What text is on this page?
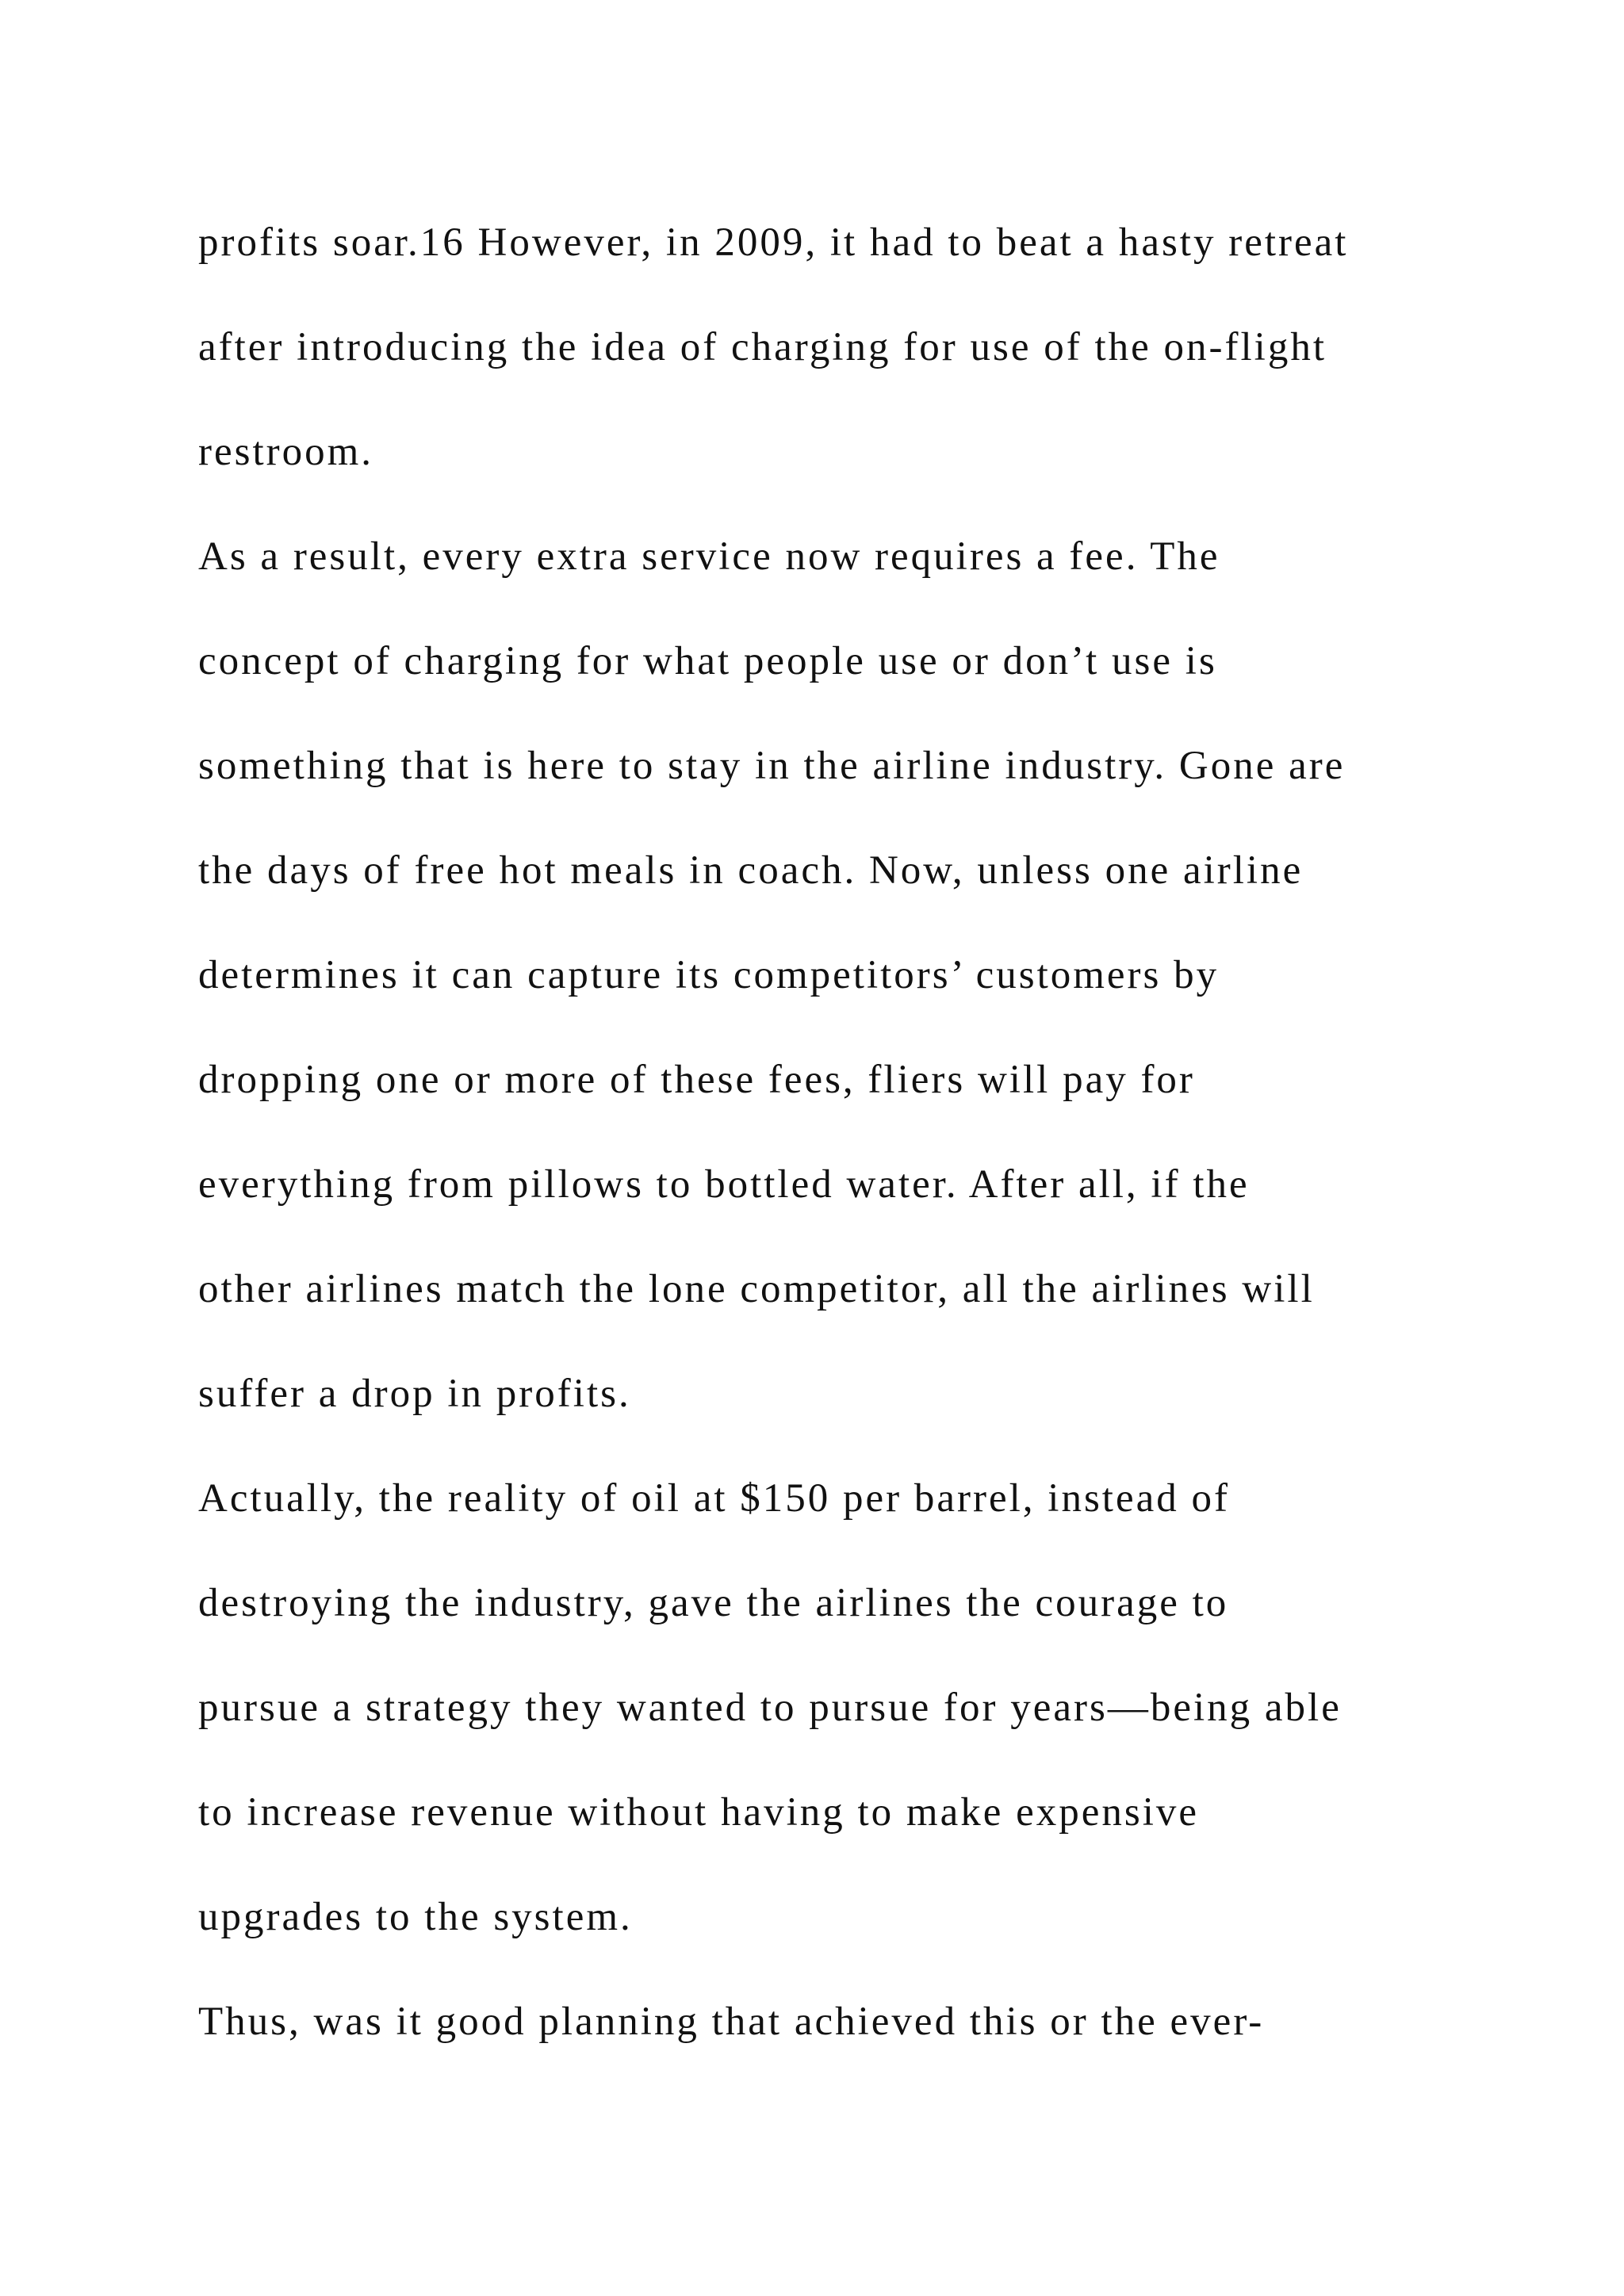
profits soar.16 However, in 2009, it had to beat a hasty retreat
after introducing the idea of charging for use of the on-flight
restroom.
As a result, every extra service now requires a fee. The
concept of charging for what people use or don’t use is
something that is here to stay in the airline industry. Gone are
the days of free hot meals in coach. Now, unless one airline
determines it can capture its competitors’ customers by
dropping one or more of these fees, fliers will pay for
everything from pillows to bottled water. After all, if the
other airlines match the lone competitor, all the airlines will
suffer a drop in profits.
Actually, the reality of oil at $150 per barrel, instead of
destroying the industry, gave the airlines the courage to
pursue a strategy they wanted to pursue for years—being able
to increase revenue without having to make expensive
upgrades to the system.
Thus, was it good planning that achieved this or the ever-
